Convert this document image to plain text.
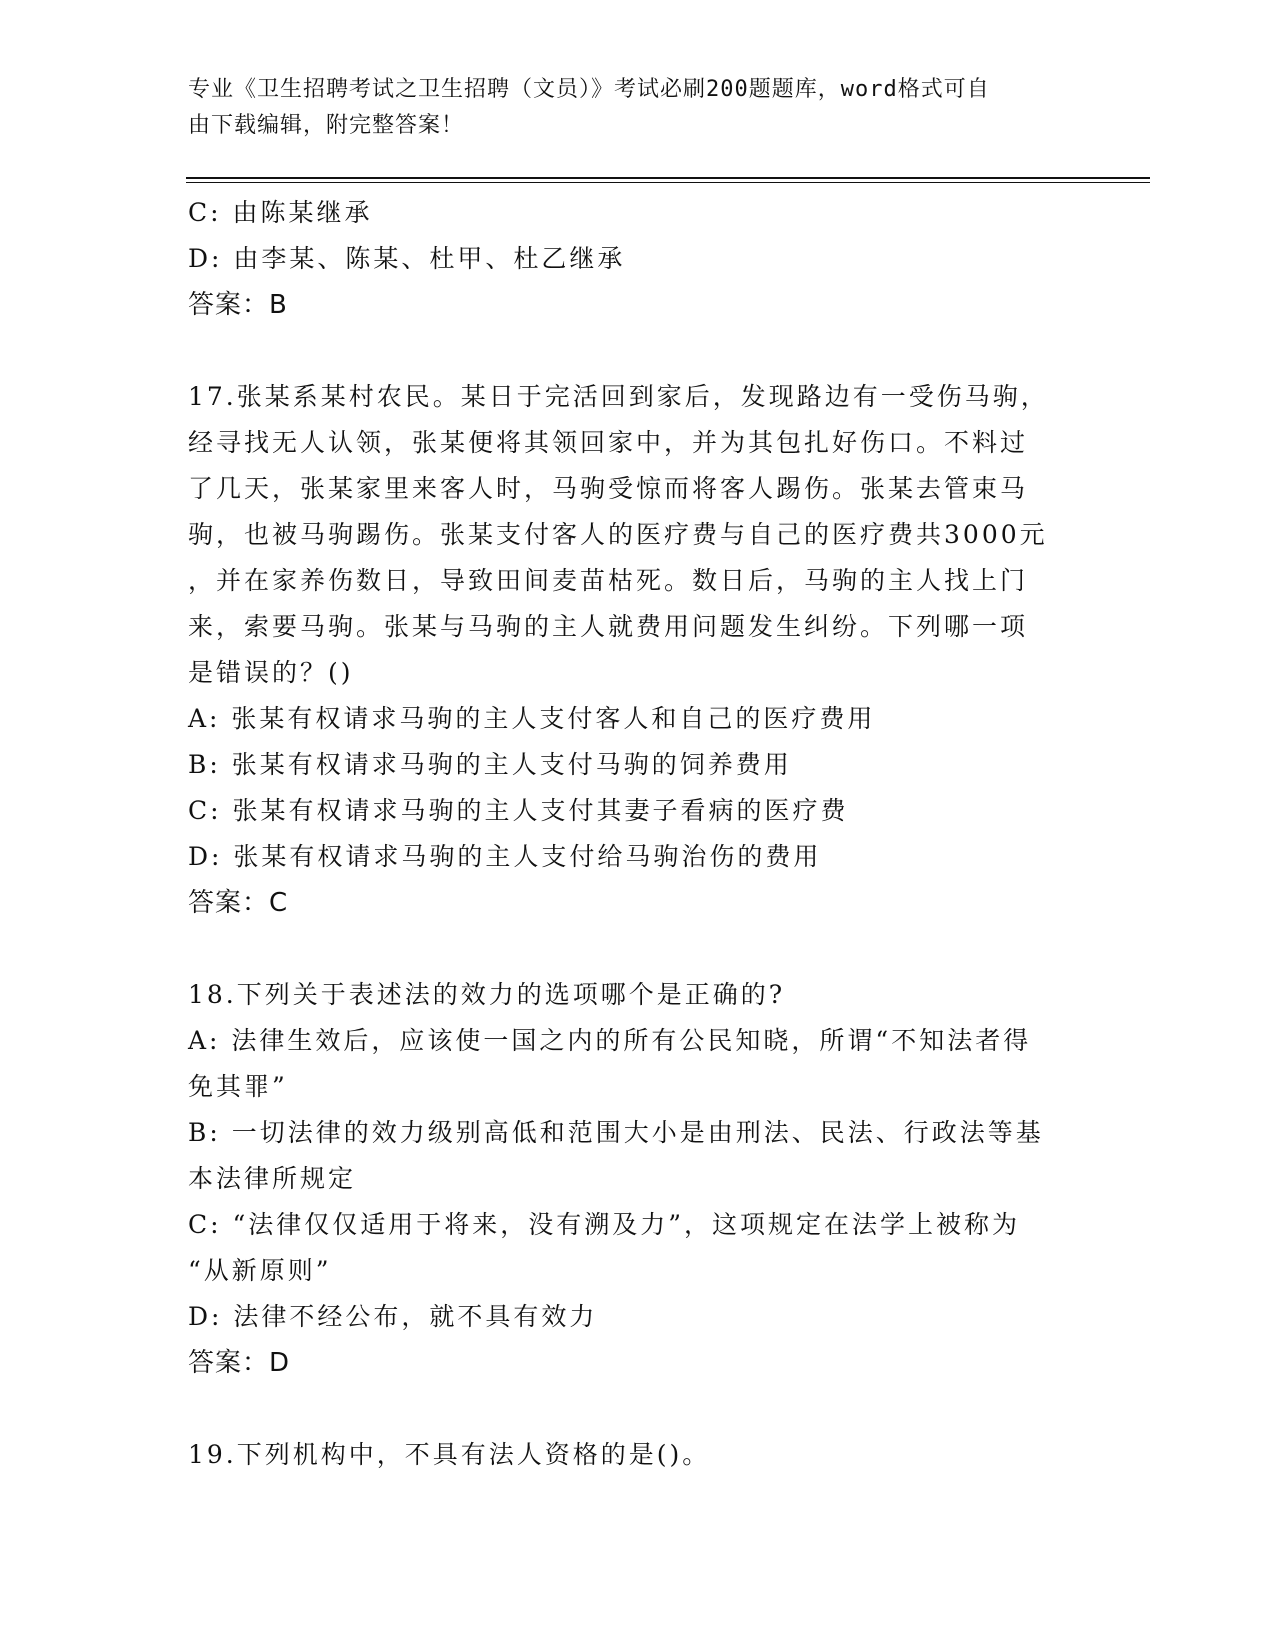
专业《卫生招聘考试之卫生招聘（文员）》考试必刷200题题库，word格式可自
由下载编辑，附完整答案！
C: 由陈某继承
D: 由李某、陈某、杜甲、杜乙继承
答案：B
17.张某系某村农民。某日于完活回到家后，发现路边有一受伤马驹，
经寻找无人认领，张某便将其领回家中，并为其包扎好伤口。不料过
了几天，张某家里来客人时，马驹受惊而将客人踢伤。张某去管束马
驹，也被马驹踢伤。张某支付客人的医疗费与自己的医疗费共3000元
，并在家养伤数日，导致田间麦苗枯死。数日后，马驹的主人找上门
来，索要马驹。张某与马驹的主人就费用问题发生纠纷。下列哪一项
是错误的？()
A: 张某有权请求马驹的主人支付客人和自己的医疗费用
B: 张某有权请求马驹的主人支付马驹的饲养费用
C: 张某有权请求马驹的主人支付其妻子看病的医疗费
D: 张某有权请求马驹的主人支付给马驹治伤的费用
答案：C
18.下列关于表述法的效力的选项哪个是正确的?
A: 法律生效后，应该使一国之内的所有公民知晓，所谓“不知法者得
免其罪”
B: 一切法律的效力级别高低和范围大小是由刑法、民法、行政法等基
本法律所规定
C: “法律仅仅适用于将来，没有溯及力”，这项规定在法学上被称为
“从新原则”
D: 法律不经公布，就不具有效力
答案：D
19.下列机构中，不具有法人资格的是()。
